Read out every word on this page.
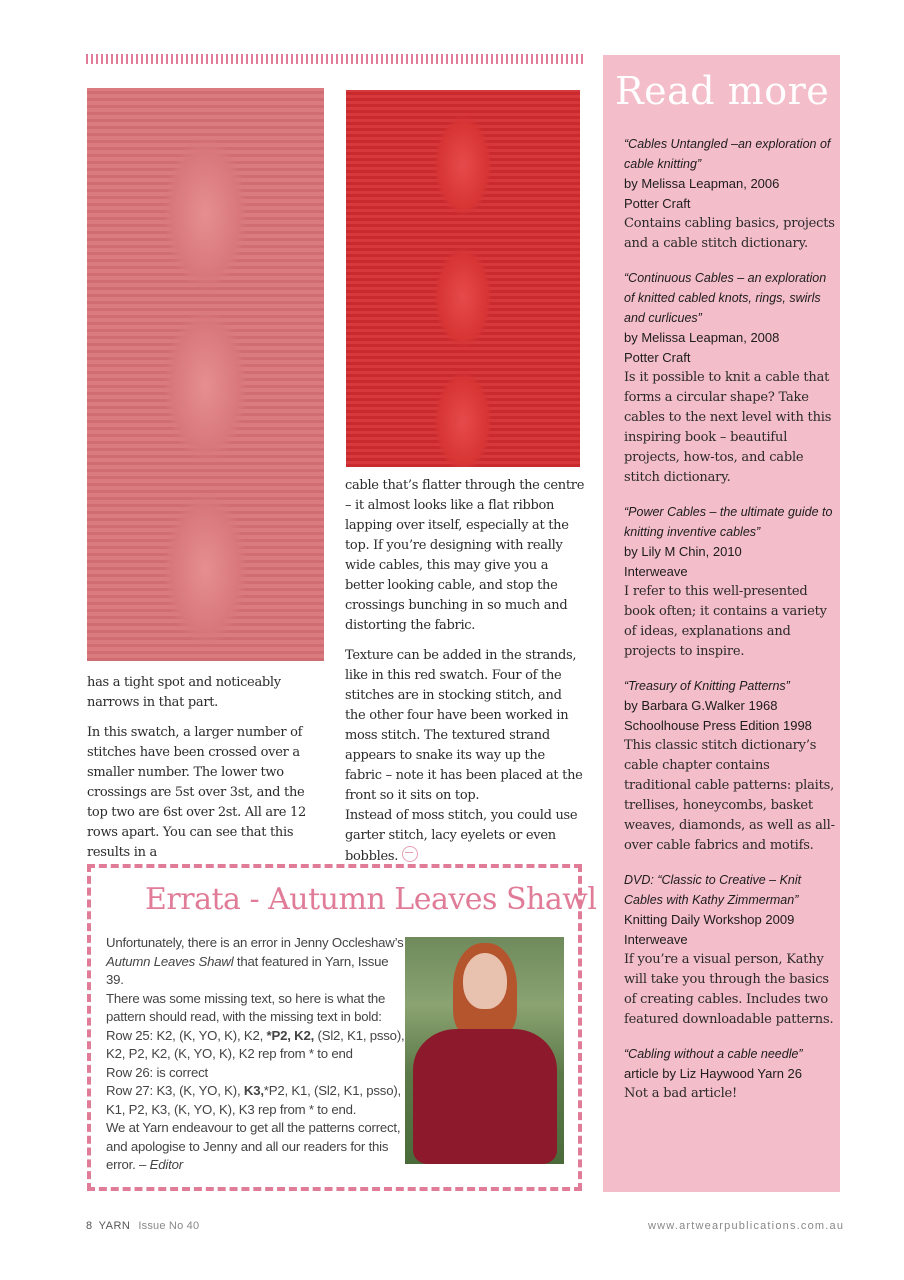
has a tight spot and noticeably narrows in that part.

In this swatch, a larger number of stitches have been crossed over a smaller number. The lower two crossings are 5st over 3st, and the top two are 6st over 2st. All are 12 rows apart. You can see that this results in a

cable that’s flatter through the centre – it almost looks like a flat ribbon lapping over itself, especially at the top. If you’re designing with really wide cables, this may give you a better looking cable, and stop the crossings bunching in so much and distorting the fabric.

Texture can be added in the strands, like in this red swatch. Four of the stitches are in stocking stitch, and the other four have been worked in moss stitch. The textured strand appears to snake its way up the fabric – note it has been placed at the front so it sits on top.

Instead of moss stitch, you could use garter stitch, lacy eyelets or even bobbles.

Read more
“Cables Untangled –an exploration of cable knitting”
by Melissa Leapman, 2006
Potter Craft
Contains cabling basics, projects and a cable stitch dictionary.
“Continuous Cables – an exploration of knitted cabled knots, rings, swirls and curlicues”
by Melissa Leapman, 2008
Potter Craft
Is it possible to knit a cable that forms a circular shape? Take cables to the next level with this inspiring book – beautiful projects, how-tos, and cable stitch dictionary.
“Power Cables – the ultimate guide to knitting inventive cables”
by Lily M Chin, 2010
Interweave
I refer to this well-presented book often; it contains a variety of ideas, explanations and projects to inspire.
“Treasury of Knitting Patterns”
by Barbara G.Walker 1968
Schoolhouse Press Edition 1998
This classic stitch dictionary’s cable chapter contains traditional cable patterns: plaits, trellises, honeycombs, basket weaves, diamonds, as well as all-over cable fabrics and motifs.
DVD: “Classic to Creative – Knit Cables with Kathy Zimmerman”
Knitting Daily Workshop 2009
Interweave
If you’re a visual person, Kathy will take you through the basics of creating cables. Includes two featured downloadable patterns.
“Cabling without a cable needle”
article by Liz Haywood Yarn 26
Not a bad article!
Errata - Autumn Leaves Shawl

Unfortunately, there is an error in Jenny Occleshaw’s Autumn Leaves Shawl that featured in Yarn, Issue 39.

There was some missing text, so here is what the pattern should read, with the missing text in bold:

Row 25: K2, (K, YO, K), K2, *P2, K2, (Sl2, K1, psso), K2, P2, K2, (K, YO, K), K2 rep from * to end

Row 26: is correct

Row 27: K3, (K, YO, K), K3,*P2, K1, (Sl2, K1, psso), K1, P2, K3, (K, YO, K), K3 rep from * to end.

We at Yarn endeavour to get all the patterns correct, and apologise to Jenny and all our readers for this error. – Editor

8 YARN Issue No 40	www.artwearpublications.com.au
